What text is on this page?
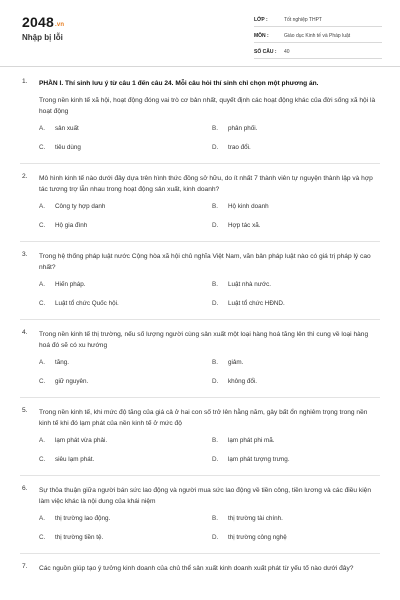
2048.vn
Nhập bị lỗi
LỚP :	Tốt nghiệp THPT
MÔN :	Giáo dục Kinh tế và Pháp luật
SỐ CÂU :	40
1. PHẦN I. Thí sinh lưu ý từ câu 1 đến câu 24. Mỗi câu hỏi thí sinh chỉ chọn một phương án.
Trong nền kinh tế xã hội, hoạt động đóng vai trò cơ bản nhất, quyết định các hoạt động khác của đời sống xã hội là hoạt động
A.	sản xuất	B.	phân phối.
C.	tiêu dùng	D.	trao đổi.
2. Mô hình kinh tế nào dưới đây dựa trên hình thức đồng sở hữu, do ít nhất 7 thành viên tự nguyện thành lập và hợp tác tương trợ lẫn nhau trong hoạt động sản xuất, kinh doanh?
A.	Công ty hợp danh	B.	Hộ kinh doanh
C.	Hộ gia đình	D.	Hợp tác xã.
3. Trong hệ thống pháp luật nước Cộng hòa xã hội chủ nghĩa Việt Nam, văn bản pháp luật nào có giá trị pháp lý cao nhất?
A.	Hiến pháp.	B.	Luật nhà nước.
C.	Luật tổ chức Quốc hội.	D.	Luật tổ chức HĐND.
4. Trong nền kinh tế thị trường, nếu số lượng người cùng sản xuất một loại hàng hoá tăng lên thì cung về loại hàng hoá đó sẽ có xu hướng
A.	tăng.	B.	giảm.
C.	giữ nguyên.	D.	không đổi.
5. Trong nền kinh tế, khi mức độ tăng của giá cả ở hai con số trở lên hằng năm, gây bất ổn nghiêm trọng trong nền kinh tế khi đó lạm phát của nền kinh tế ở mức độ
A.	lạm phát vừa phải.	B.	lạm phát phi mã.
C.	siêu lạm phát.	D.	lạm phát tượng trưng.
6. Sự thỏa thuận giữa người bán sức lao động và người mua sức lao động về tiền công, tiền lương và các điều kiện làm việc khác là nội dung của khái niệm
A.	thị trường lao động.	B.	thị trường tài chính.
C.	thị trường tiền tệ.	D.	thị trường công nghệ
7. Các nguồn giúp tạo ý tưởng kinh doanh của chủ thể sản xuất kinh doanh xuất phát từ yếu tố nào dưới đây?
